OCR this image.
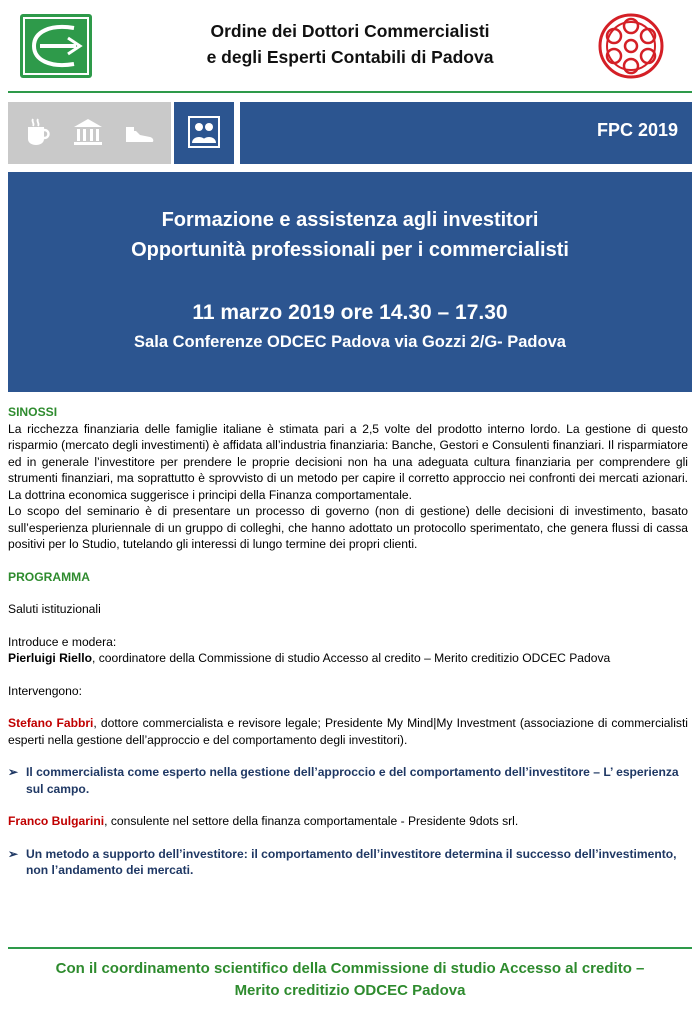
Ordine dei Dottori Commercialisti
e degli Esperti Contabili di Padova
FPC 2019
Formazione e assistenza agli investitori
Opportunità professionali per i commercialisti
11 marzo 2019 ore 14.30 – 17.30
Sala Conferenze ODCEC Padova via Gozzi 2/G- Padova
SINOSSI

La ricchezza finanziaria delle famiglie italiane è stimata pari a 2,5 volte del prodotto interno lordo. La gestione di questo risparmio (mercato degli investimenti) è affidata all’industria finanziaria: Banche, Gestori e Consulenti finanziari. Il risparmiatore ed in generale l’investitore per prendere le proprie decisioni non ha una adeguata cultura finanziaria per comprendere gli strumenti finanziari, ma soprattutto è sprovvisto di un metodo per capire il corretto approccio nei confronti dei mercati azionari. La dottrina economica suggerisce i principi della Finanza comportamentale.

Lo scopo del seminario è di presentare un processo di governo (non di gestione) delle decisioni di investimento, basato sull’esperienza pluriennale di un gruppo di colleghi, che hanno adottato un protocollo sperimentato, che genera flussi di cassa positivi per lo Studio, tutelando gli interessi di lungo termine dei propri clienti.

PROGRAMMA

Saluti istituzionali

Introduce e modera:

Pierluigi Riello, coordinatore della Commissione di studio Accesso al credito – Merito creditizio ODCEC Padova

Intervengono:

Stefano Fabbri, dottore commercialista e revisore legale; Presidente My Mind|My Investment (associazione di commercialisti esperti nella gestione dell’approccio e del comportamento degli investitori).

➢ Il commercialista come esperto nella gestione dell’approccio e del comportamento dell’investitore – L’ esperienza sul campo.

Franco Bulgarini, consulente nel settore della finanza comportamentale - Presidente 9dots srl.

➢ Un metodo a supporto dell’investitore: il comportamento dell’investitore determina il successo dell’investimento, non l’andamento dei mercati.
Con il coordinamento scientifico della Commissione di studio Accesso al credito –
Merito creditizio ODCEC Padova
